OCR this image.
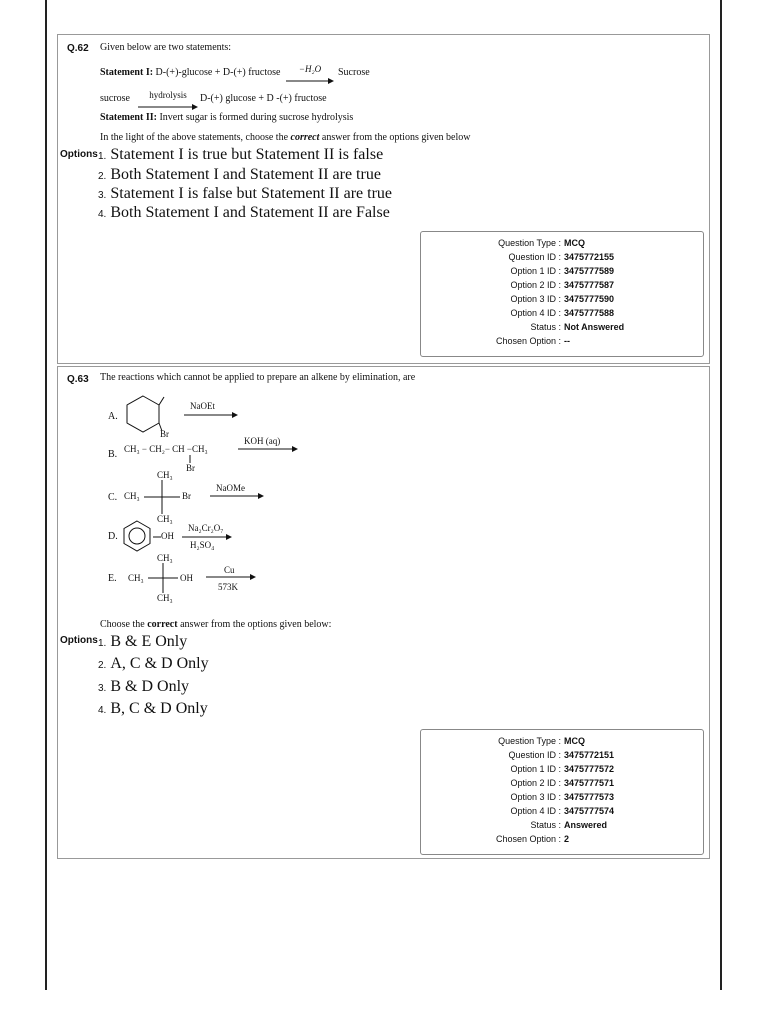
Q.62 Given below are two statements:
Statement I: D-(+)-glucose + D-(+) fructose	−H₂O	Sucrose
sucrose	hydrolysis	D-(+) glucose + D -(+) fructose
Statement II: Invert sugar is formed during sucrose hydrolysis
In the light of the above statements, choose the correct answer from the options given below
Options 1. Statement I is true but Statement II is false
2. Both Statement I and Statement II are true
3. Statement I is false but Statement II are true
4. Both Statement I and Statement II are False
Question Type : MCQ
Question ID : 3475772155
Option 1 ID : 3475777589
Option 2 ID : 3475777587
Option 3 ID : 3475777590
Option 4 ID : 3475777588
Status : Not Answered
Chosen Option : --
Q.63 The reactions which cannot be applied to prepare an alkene by elimination, are
A.
Br
NaOEt
B. CH₃ − CH₂− CH −CH₃
Br
KOH (aq)
C.
CH₃
CH₃	Br
CH₃
NaOMe
D.	OH
Na₂Cr₂O₇
H₂SO₄
E.
CH₃
CH₃	OH
CH₃
Cu
573K
Choose the correct answer from the options given below:
Options 1. B & E Only
2. A, C & D Only
3. B & D Only
4. B, C & D Only
Question Type : MCQ
Question ID : 3475772151
Option 1 ID : 3475777572
Option 2 ID : 3475777571
Option 3 ID : 3475777573
Option 4 ID : 3475777574
Status : Answered
Chosen Option : 2
